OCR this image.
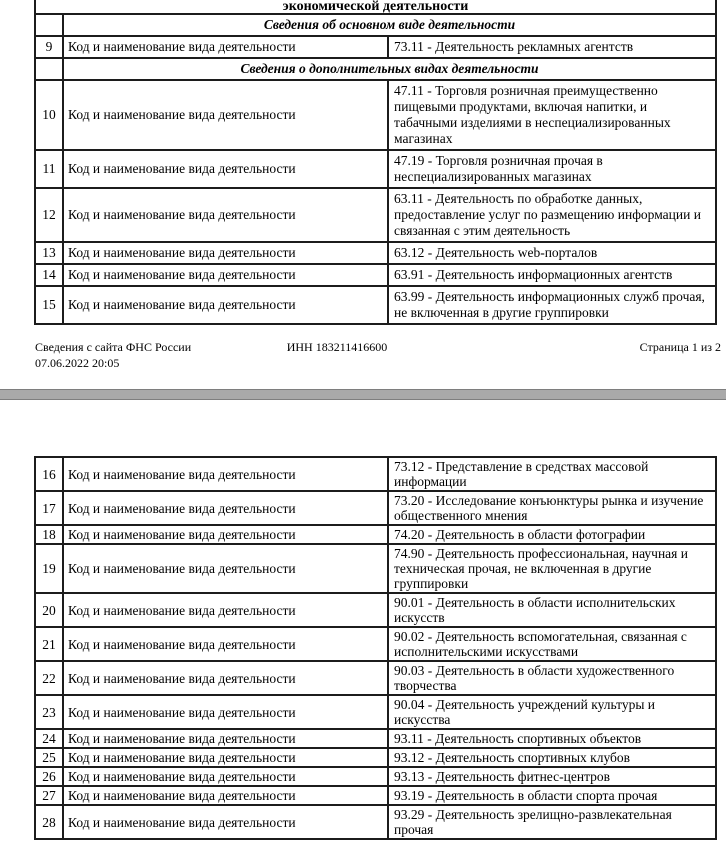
экономической деятельности		
	Сведения об основном виде деятельности	
9	Код и наименование вида деятельности	73.11 - Деятельность рекламных агентств
	Сведения о дополнительных видах деятельности	
10	Код и наименование вида деятельности	47.11 - Торговля розничная преимущественно пищевыми продуктами, включая напитки, и табачными изделиями в неспециализированных магазинах
11	Код и наименование вида деятельности	47.19 - Торговля розничная прочая в неспециализированных магазинах
12	Код и наименование вида деятельности	63.11 - Деятельность по обработке данных, предоставление услуг по размещению информации и связанная с этим деятельность
13	Код и наименование вида деятельности	63.12 - Деятельность web-порталов
14	Код и наименование вида деятельности	63.91 - Деятельность информационных агентств
15	Код и наименование вида деятельности	63.99 - Деятельность информационных служб прочая, не включенная в другие группировки
Сведения с сайта ФНС России
07.06.2022 20:05
ИНН 183211416600	Страница 1 из 2
16	Код и наименование вида деятельности	73.12 - Представление в средствах массовой информации
17	Код и наименование вида деятельности	73.20 - Исследование конъюнктуры рынка и изучение общественного мнения
18	Код и наименование вида деятельности	74.20 - Деятельность в области фотографии
19	Код и наименование вида деятельности	74.90 - Деятельность профессиональная, научная и техническая прочая, не включенная в другие группировки
20	Код и наименование вида деятельности	90.01 - Деятельность в области исполнительских искусств
21	Код и наименование вида деятельности	90.02 - Деятельность вспомогательная, связанная с исполнительскими искусствами
22	Код и наименование вида деятельности	90.03 - Деятельность в области художественного творчества
23	Код и наименование вида деятельности	90.04 - Деятельность учреждений культуры и искусства
24	Код и наименование вида деятельности	93.11 - Деятельность спортивных объектов
25	Код и наименование вида деятельности	93.12 - Деятельность спортивных клубов
26	Код и наименование вида деятельности	93.13 - Деятельность фитнес-центров
27	Код и наименование вида деятельности	93.19 - Деятельность в области спорта прочая
28	Код и наименование вида деятельности	93.29 - Деятельность зрелищно-развлекательная прочая
